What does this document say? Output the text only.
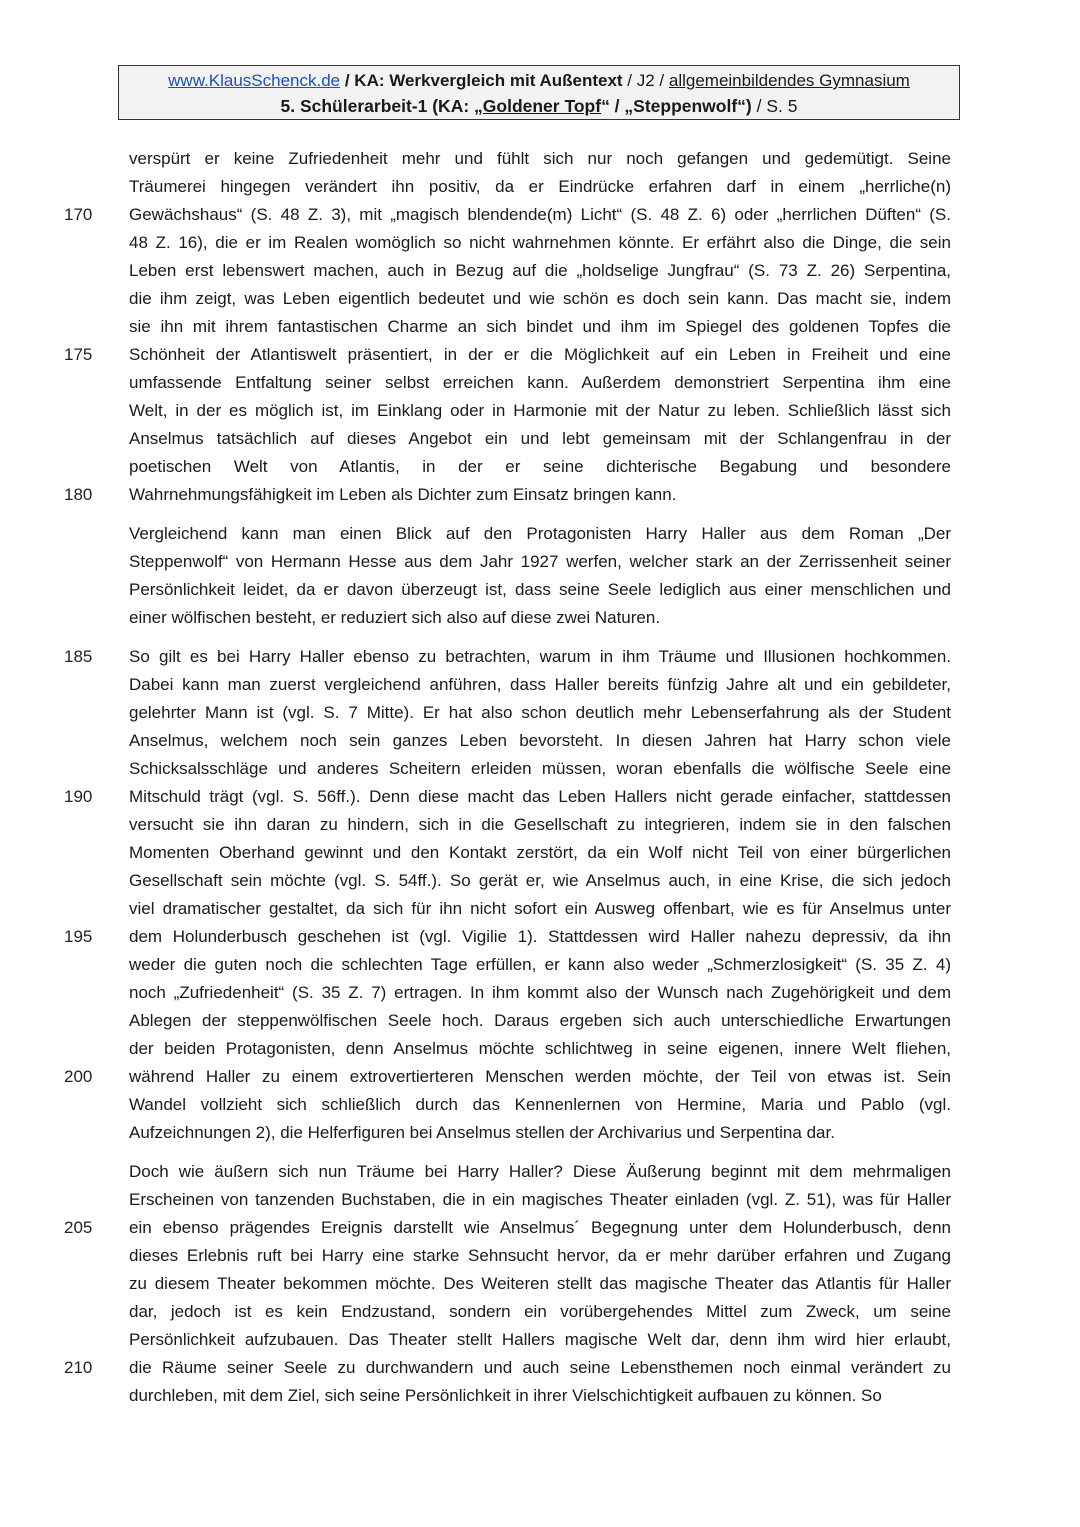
www.KlausSchenck.de / KA: Werkvergleich mit Außentext / J2 / allgemeinbildendes Gymnasium
5. Schülerarbeit-1 (KA: „Goldener Topf“ / „Steppenwolf“) / S. 5
170
175
180
185
190
195
200
205
210
verspürt er keine Zufriedenheit mehr und fühlt sich nur noch gefangen und gedemütigt. Seine
Träumerei hingegen verändert ihn positiv, da er Eindrücke erfahren darf in einem „herrliche(n)
Gewächshaus“ (S. 48 Z. 3), mit „magisch blendende(m) Licht“ (S. 48 Z. 6) oder „herrlichen Düften“ (S.
48 Z. 16), die er im Realen womöglich so nicht wahrnehmen könnte. Er erfährt also die Dinge, die sein
Leben erst lebenswert machen, auch in Bezug auf die „holdselige Jungfrau“ (S. 73 Z. 26) Serpentina,
die ihm zeigt, was Leben eigentlich bedeutet und wie schön es doch sein kann. Das macht sie, indem
sie ihn mit ihrem fantastischen Charme an sich bindet und ihm im Spiegel des goldenen Topfes die
Schönheit der Atlantiswelt präsentiert, in der er die Möglichkeit auf ein Leben in Freiheit und eine
umfassende Entfaltung seiner selbst erreichen kann. Außerdem demonstriert Serpentina ihm eine
Welt, in der es möglich ist, im Einklang oder in Harmonie mit der Natur zu leben. Schließlich lässt sich
Anselmus tatsächlich auf dieses Angebot ein und lebt gemeinsam mit der Schlangenfrau in der
poetischen Welt von Atlantis, in der er seine dichterische Begabung und besondere
Wahrnehmungsfähigkeit im Leben als Dichter zum Einsatz bringen kann.
Vergleichend kann man einen Blick auf den Protagonisten Harry Haller aus dem Roman „Der
Steppenwolf“ von Hermann Hesse aus dem Jahr 1927 werfen, welcher stark an der Zerrissenheit seiner
Persönlichkeit leidet, da er davon überzeugt ist, dass seine Seele lediglich aus einer menschlichen und
einer wölfischen besteht, er reduziert sich also auf diese zwei Naturen.
So gilt es bei Harry Haller ebenso zu betrachten, warum in ihm Träume und Illusionen hochkommen.
Dabei kann man zuerst vergleichend anführen, dass Haller bereits fünfzig Jahre alt und ein gebildeter,
gelehrter Mann ist (vgl. S. 7 Mitte). Er hat also schon deutlich mehr Lebenserfahrung als der Student
Anselmus, welchem noch sein ganzes Leben bevorsteht. In diesen Jahren hat Harry schon viele
Schicksalsschläge und anderes Scheitern erleiden müssen, woran ebenfalls die wölfische Seele eine
Mitschuld trägt (vgl. S. 56ff.). Denn diese macht das Leben Hallers nicht gerade einfacher, stattdessen
versucht sie ihn daran zu hindern, sich in die Gesellschaft zu integrieren, indem sie in den falschen
Momenten Oberhand gewinnt und den Kontakt zerstört, da ein Wolf nicht Teil von einer bürgerlichen
Gesellschaft sein möchte (vgl. S. 54ff.). So gerät er, wie Anselmus auch, in eine Krise, die sich jedoch
viel dramatischer gestaltet, da sich für ihn nicht sofort ein Ausweg offenbart, wie es für Anselmus unter
dem Holunderbusch geschehen ist (vgl. Vigilie 1). Stattdessen wird Haller nahezu depressiv, da ihn
weder die guten noch die schlechten Tage erfüllen, er kann also weder „Schmerzlosigkeit“ (S. 35 Z. 4)
noch „Zufriedenheit“ (S. 35 Z. 7) ertragen. In ihm kommt also der Wunsch nach Zugehörigkeit und dem
Ablegen der steppenwölfischen Seele hoch. Daraus ergeben sich auch unterschiedliche Erwartungen
der beiden Protagonisten, denn Anselmus möchte schlichtweg in seine eigenen, innere Welt fliehen,
während Haller zu einem extrovertierteren Menschen werden möchte, der Teil von etwas ist. Sein
Wandel vollzieht sich schließlich durch das Kennenlernen von Hermine, Maria und Pablo (vgl.
Aufzeichnungen 2), die Helferfiguren bei Anselmus stellen der Archivarius und Serpentina dar.
Doch wie äußern sich nun Träume bei Harry Haller? Diese Äußerung beginnt mit dem mehrmaligen
Erscheinen von tanzenden Buchstaben, die in ein magisches Theater einladen (vgl. Z. 51), was für Haller
ein ebenso prägendes Ereignis darstellt wie Anselmus´ Begegnung unter dem Holunderbusch, denn
dieses Erlebnis ruft bei Harry eine starke Sehnsucht hervor, da er mehr darüber erfahren und Zugang
zu diesem Theater bekommen möchte. Des Weiteren stellt das magische Theater das Atlantis für Haller
dar, jedoch ist es kein Endzustand, sondern ein vorübergehendes Mittel zum Zweck, um seine
Persönlichkeit aufzubauen. Das Theater stellt Hallers magische Welt dar, denn ihm wird hier erlaubt,
die Räume seiner Seele zu durchwandern und auch seine Lebensthemen noch einmal verändert zu
durchleben, mit dem Ziel, sich seine Persönlichkeit in ihrer Vielschichtigkeit aufbauen zu können. So
